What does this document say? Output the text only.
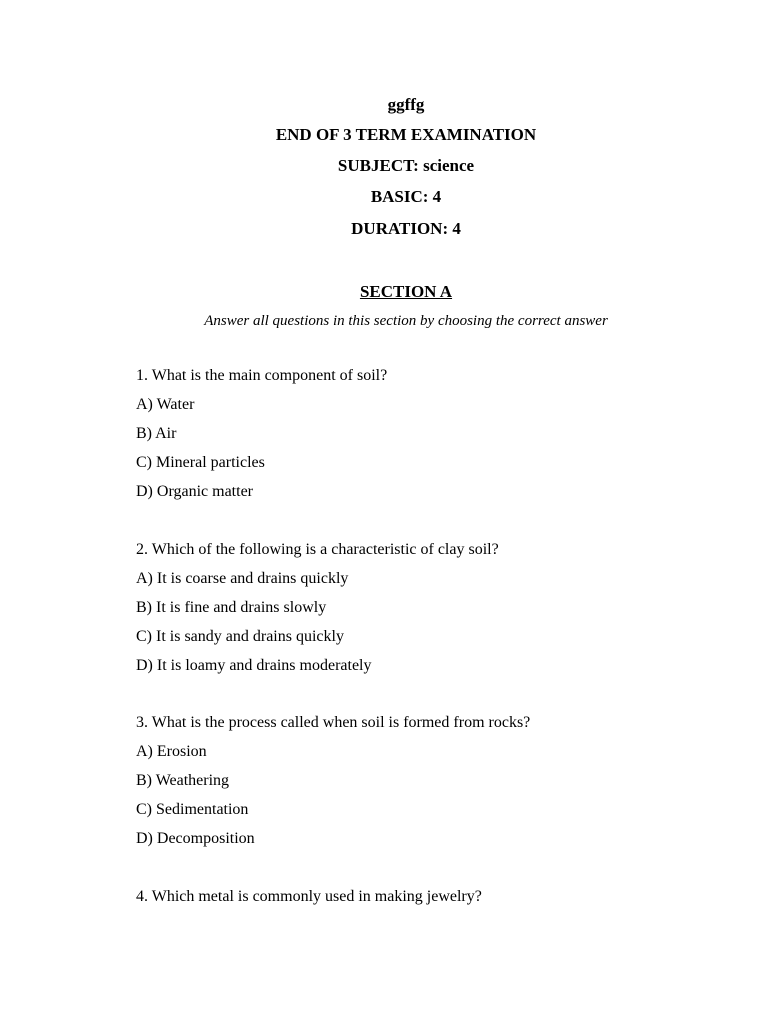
ggffg
END OF 3 TERM EXAMINATION
SUBJECT: science
BASIC: 4
DURATION: 4
SECTION A
Answer all questions in this section by choosing the correct answer
1. What is the main component of soil?
A) Water
B) Air
C) Mineral particles
D) Organic matter
2. Which of the following is a characteristic of clay soil?
A) It is coarse and drains quickly
B) It is fine and drains slowly
C) It is sandy and drains quickly
D) It is loamy and drains moderately
3. What is the process called when soil is formed from rocks?
A) Erosion
B) Weathering
C) Sedimentation
D) Decomposition
4. Which metal is commonly used in making jewelry?
